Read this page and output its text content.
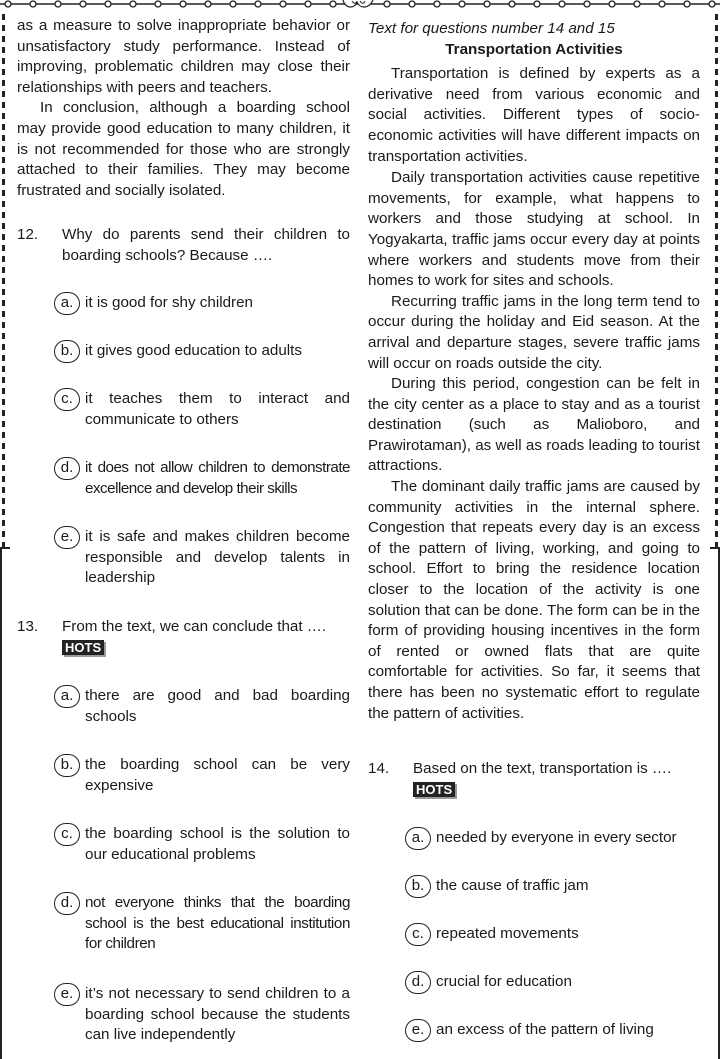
as a measure to solve inappropriate behavior or unsatisfactory study performance. Instead of improving, problematic children may close their relationships with peers and teachers.

In conclusion, although a boarding school may provide good education to many children, it is not recommended for those who are strongly attached to their families. They may become frustrated and socially isolated.

12. Why do parents send their children to boarding schools? Because ….
a. it is good for shy children
b. it gives good education to adults
c. it teaches them to interact and communicate to others
d. it does not allow children to demonstrate excellence and develop their skills
e. it is safe and makes children become responsible and develop talents in leadership
13. From the text, we can conclude that ….
HOTS
a. there are good and bad boarding schools
b. the boarding school can be very expensive
c. the boarding school is the solution to our educational problems
d. not everyone thinks that the boarding school is the best educational institution for children
e. it’s not necessary to send children to a boarding school because the students can live independently

Text for questions number 14 and 15

Transportation Activities

Transportation is defined by experts as a derivative need from various economic and social activities. Different types of socio-economic activities will have different impacts on transportation activities.

Daily transportation activities cause repetitive movements, for example, what happens to workers and those studying at school. In Yogyakarta, traffic jams occur every day at points where workers and students move from their homes to work for sites and schools.

Recurring traffic jams in the long term tend to occur during the holiday and Eid season. At the arrival and departure stages, severe traffic jams will occur on roads outside the city.

During this period, congestion can be felt in the city center as a place to stay and as a tourist destination (such as Malioboro, and Prawirotaman), as well as roads leading to tourist attractions.

The dominant daily traffic jams are caused by community activities in the internal sphere. Congestion that repeats every day is an excess of the pattern of living, working, and going to school. Effort to bring the residence location closer to the location of the activity is one solution that can be done. The form can be in the form of providing housing incentives in the form of rented or owned flats that are quite comfortable for activities. So far, it seems that there has been no systematic effort to regulate the pattern of activities.

14. Based on the text, transportation is ….
HOTS
a. needed by everyone in every sector
b. the cause of traffic jam
c. repeated movements
d. crucial for education
e. an excess of the pattern of living
